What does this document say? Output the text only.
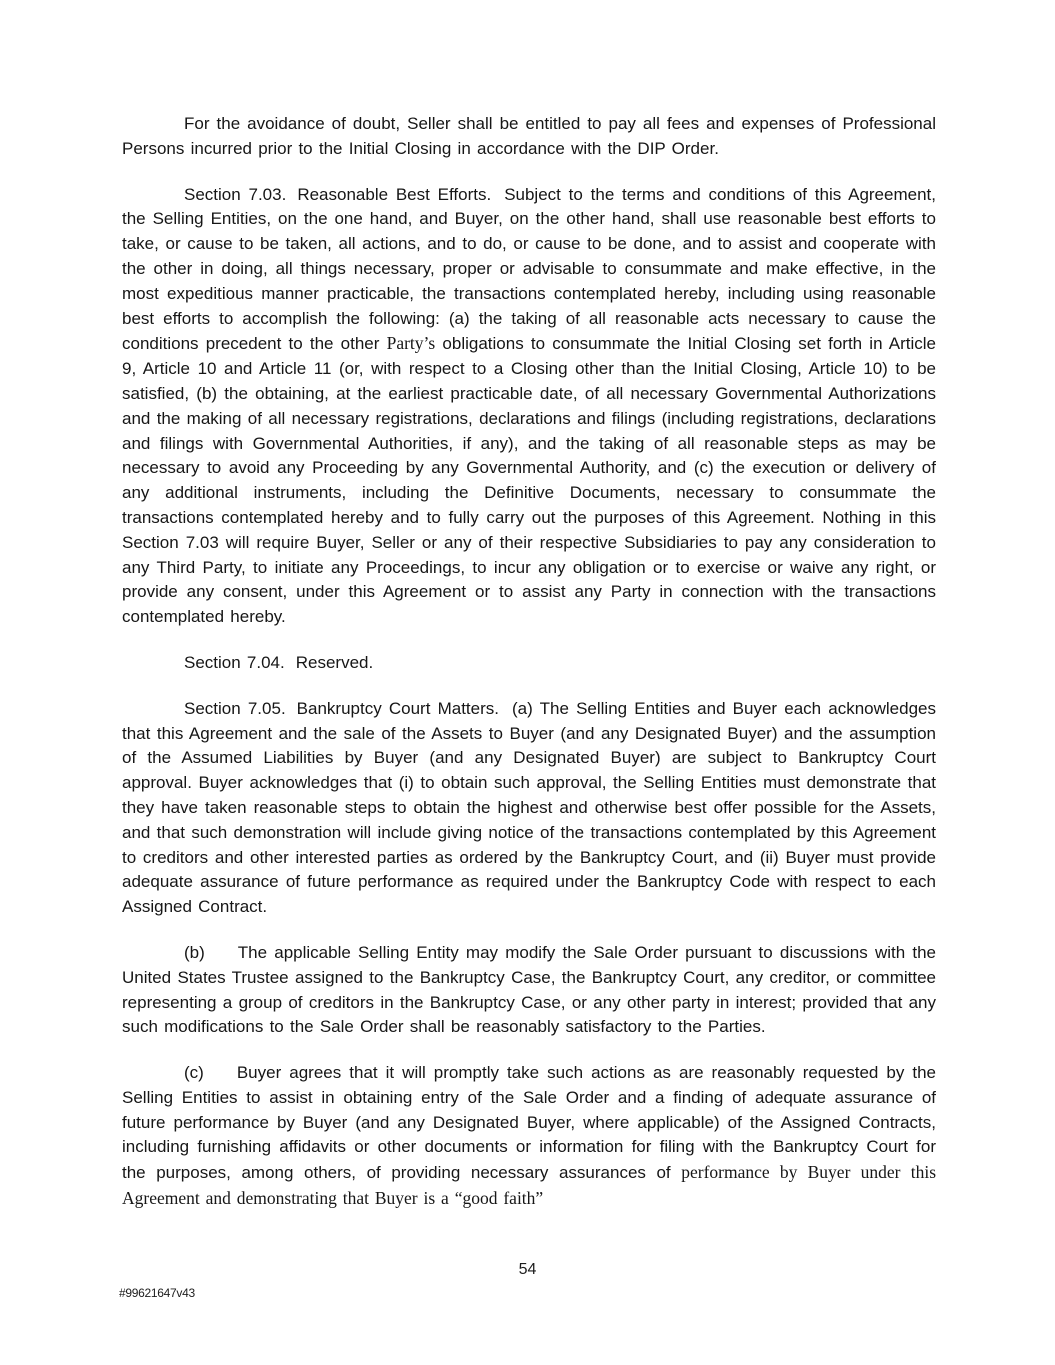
For the avoidance of doubt, Seller shall be entitled to pay all fees and expenses of Professional Persons incurred prior to the Initial Closing in accordance with the DIP Order.

Section 7.03. Reasonable Best Efforts. Subject to the terms and conditions of this Agreement, the Selling Entities, on the one hand, and Buyer, on the other hand, shall use reasonable best efforts to take, or cause to be taken, all actions, and to do, or cause to be done, and to assist and cooperate with the other in doing, all things necessary, proper or advisable to consummate and make effective, in the most expeditious manner practicable, the transactions contemplated hereby, including using reasonable best efforts to accomplish the following: (a) the taking of all reasonable acts necessary to cause the conditions precedent to the other Party’s obligations to consummate the Initial Closing set forth in Article 9, Article 10 and Article 11 (or, with respect to a Closing other than the Initial Closing, Article 10) to be satisfied, (b) the obtaining, at the earliest practicable date, of all necessary Governmental Authorizations and the making of all necessary registrations, declarations and filings (including registrations, declarations and filings with Governmental Authorities, if any), and the taking of all reasonable steps as may be necessary to avoid any Proceeding by any Governmental Authority, and (c) the execution or delivery of any additional instruments, including the Definitive Documents, necessary to consummate the transactions contemplated hereby and to fully carry out the purposes of this Agreement. Nothing in this Section 7.03 will require Buyer, Seller or any of their respective Subsidiaries to pay any consideration to any Third Party, to initiate any Proceedings, to incur any obligation or to exercise or waive any right, or provide any consent, under this Agreement or to assist any Party in connection with the transactions contemplated hereby.

Section 7.04. Reserved.

Section 7.05. Bankruptcy Court Matters. (a) The Selling Entities and Buyer each acknowledges that this Agreement and the sale of the Assets to Buyer (and any Designated Buyer) and the assumption of the Assumed Liabilities by Buyer (and any Designated Buyer) are subject to Bankruptcy Court approval. Buyer acknowledges that (i) to obtain such approval, the Selling Entities must demonstrate that they have taken reasonable steps to obtain the highest and otherwise best offer possible for the Assets, and that such demonstration will include giving notice of the transactions contemplated by this Agreement to creditors and other interested parties as ordered by the Bankruptcy Court, and (ii) Buyer must provide adequate assurance of future performance as required under the Bankruptcy Code with respect to each Assigned Contract.

(b) The applicable Selling Entity may modify the Sale Order pursuant to discussions with the United States Trustee assigned to the Bankruptcy Case, the Bankruptcy Court, any creditor, or committee representing a group of creditors in the Bankruptcy Case, or any other party in interest; provided that any such modifications to the Sale Order shall be reasonably satisfactory to the Parties.

(c) Buyer agrees that it will promptly take such actions as are reasonably requested by the Selling Entities to assist in obtaining entry of the Sale Order and a finding of adequate assurance of future performance by Buyer (and any Designated Buyer, where applicable) of the Assigned Contracts, including furnishing affidavits or other documents or information for filing with the Bankruptcy Court for the purposes, among others, of providing necessary assurances of performance by Buyer under this Agreement and demonstrating that Buyer is a “good faith”

54
#99621647v43
